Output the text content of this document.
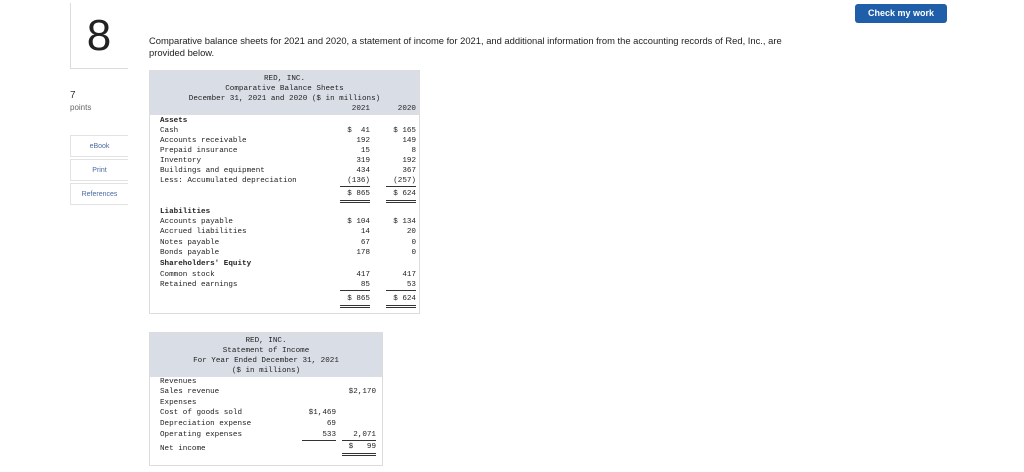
8
7
points
eBook
Print
References
Check my work
Comparative balance sheets for 2021 and 2020, a statement of income for 2021, and additional information from the accounting records of Red, Inc., are provided below.
RED, INC.
Comparative Balance Sheets
December 31, 2021 and 2020 ($ in millions)
2021	2020
Assets
Cash	$  41	$ 165
Accounts receivable	192	149
Prepaid insurance	15	8
Inventory	319	192
Buildings and equipment	434	367
Less: Accumulated depreciation	(136)	(257)
$ 865	$ 624
Liabilities
Accounts payable	$ 104	$ 134
Accrued liabilities	14	20
Notes payable	67	0
Bonds payable	178	0
Shareholders' Equity
Common stock	417	417
Retained earnings	85	53
$ 865	$ 624
RED, INC.
Statement of Income
For Year Ended December 31, 2021
($ in millions)
Revenues
Sales revenue	$2,170
Expenses
Cost of goods sold	$1,469
Depreciation expense	69
Operating expenses	533	2,071
Net income	$   99
